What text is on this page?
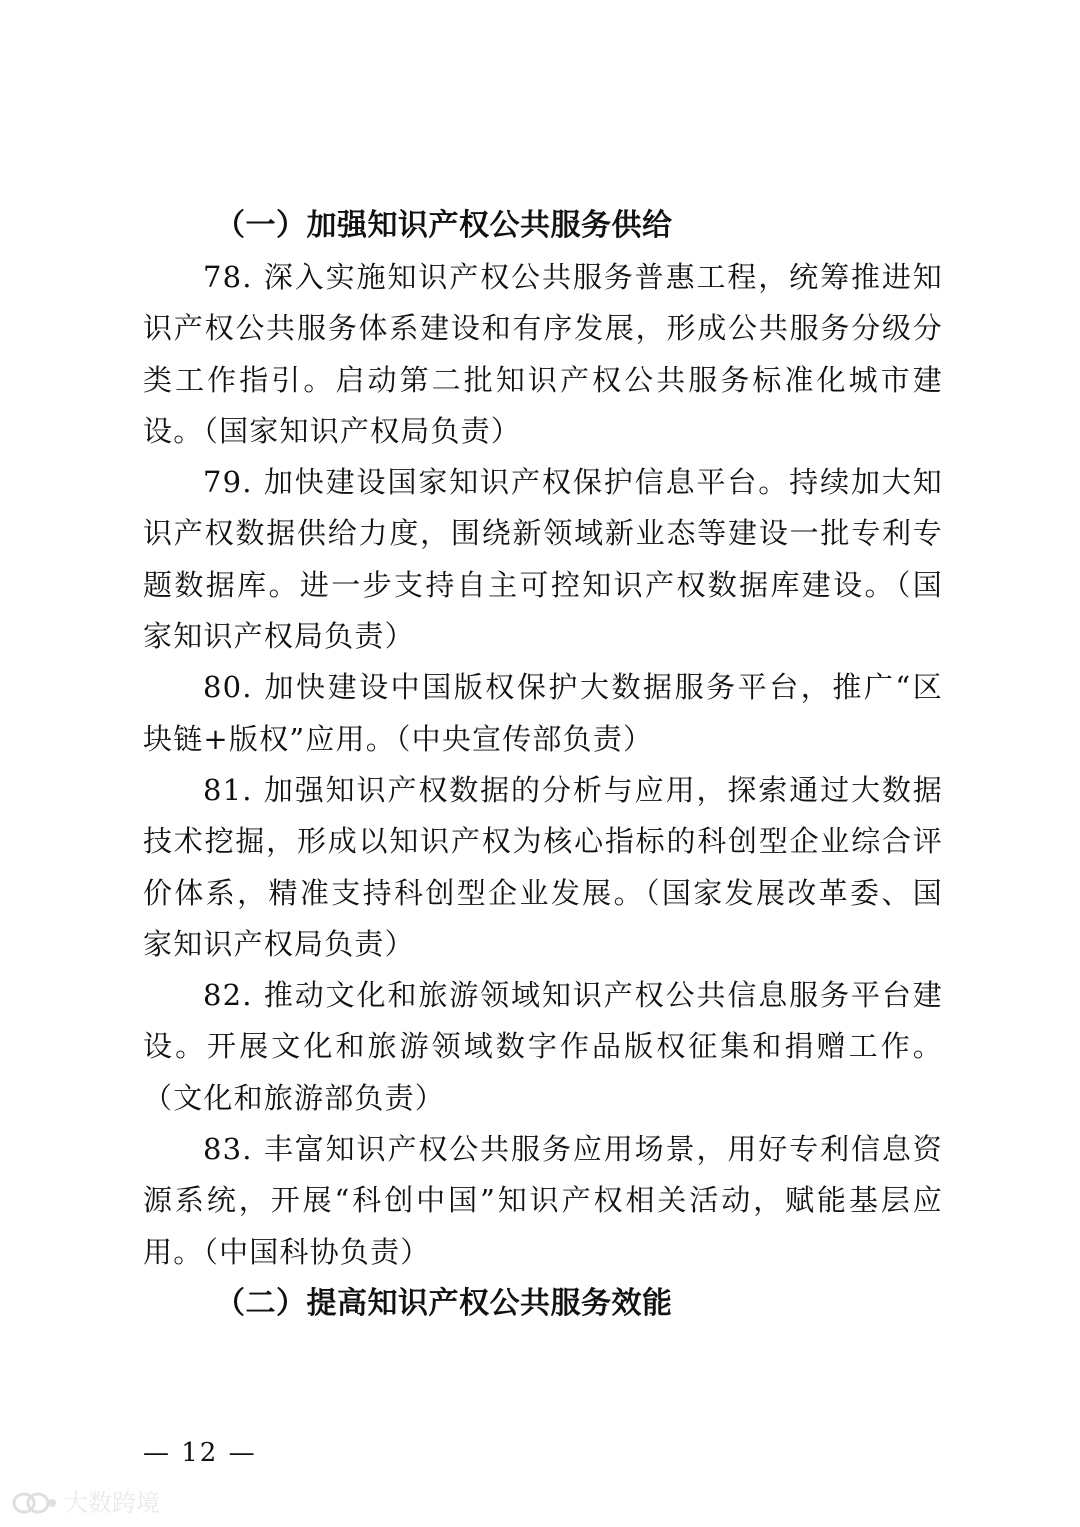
（一）加强知识产权公共服务供给

78. 深入实施知识产权公共服务普惠工程，统筹推进知识产权公共服务体系建设和有序发展，形成公共服务分级分类工作指引。启动第二批知识产权公共服务标准化城市建设。（国家知识产权局负责）

79. 加快建设国家知识产权保护信息平台。持续加大知识产权数据供给力度，围绕新领域新业态等建设一批专利专题数据库。进一步支持自主可控知识产权数据库建设。（国家知识产权局负责）

80. 加快建设中国版权保护大数据服务平台，推广“区块链+版权”应用。（中央宣传部负责）

81. 加强知识产权数据的分析与应用，探索通过大数据技术挖掘，形成以知识产权为核心指标的科创型企业综合评价体系，精准支持科创型企业发展。（国家发展改革委、国家知识产权局负责）

82. 推动文化和旅游领域知识产权公共信息服务平台建设。开展文化和旅游领域数字作品版权征集和捐赠工作。（文化和旅游部负责）

83. 丰富知识产权公共服务应用场景，用好专利信息资源系统，开展“科创中国”知识产权相关活动，赋能基层应用。（中国科协负责）

（二）提高知识产权公共服务效能
— 12 —
大数跨境
